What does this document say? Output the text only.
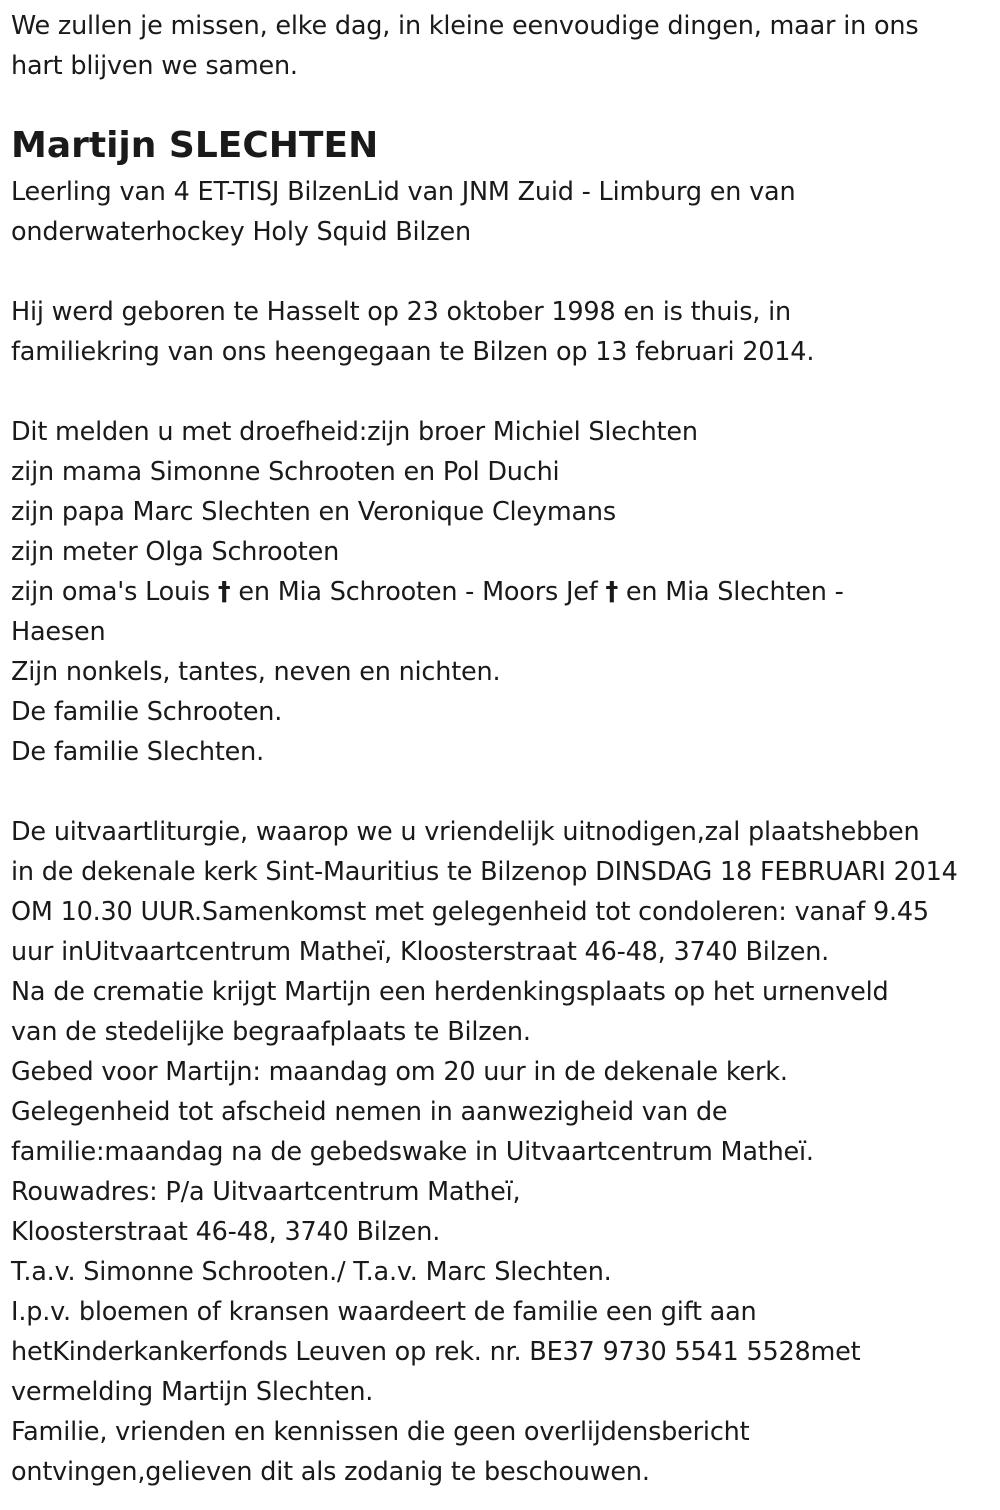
We zullen je missen, elke dag, in kleine eenvoudige dingen, maar in ons
hart blijven we samen.
Martijn SLECHTEN
Leerling van 4 ET-TISJ BilzenLid van JNM Zuid - Limburg en van
onderwaterhockey Holy Squid Bilzen
Hij werd geboren te Hasselt op 23 oktober 1998 en is thuis, in
familiekring van ons heengegaan te Bilzen op 13 februari 2014.
Dit melden u met droefheid:zijn broer Michiel Slechten
zijn mama Simonne Schrooten en Pol Duchi
zijn papa Marc Slechten en Veronique Cleymans
zijn meter Olga Schrooten
zijn oma's Louis † en Mia Schrooten - Moors Jef † en Mia Slechten -
Haesen
Zijn nonkels, tantes, neven en nichten.
De familie Schrooten.
De familie Slechten.
De uitvaartliturgie, waarop we u vriendelijk uitnodigen,zal plaatshebben
in de dekenale kerk Sint-Mauritius te Bilzenop DINSDAG 18 FEBRUARI 2014
OM 10.30 UUR.Samenkomst met gelegenheid tot condoleren: vanaf 9.45
uur inUitvaartcentrum Matheï, Kloosterstraat 46-48, 3740 Bilzen.
Na de crematie krijgt Martijn een herdenkingsplaats op het urnenveld
van de stedelijke begraafplaats te Bilzen.
Gebed voor Martijn: maandag om 20 uur in de dekenale kerk.
Gelegenheid tot afscheid nemen in aanwezigheid van de
familie:maandag na de gebedswake in Uitvaartcentrum Matheï.
Rouwadres: P/a Uitvaartcentrum Matheï,
Kloosterstraat 46-48, 3740 Bilzen.
T.a.v. Simonne Schrooten./ T.a.v. Marc Slechten.
I.p.v. bloemen of kransen waardeert de familie een gift aan
hetKinderkankerfonds Leuven op rek. nr. BE37 9730 5541 5528met
vermelding Martijn Slechten.
Familie, vrienden en kennissen die geen overlijdensbericht
ontvingen,gelieven dit als zodanig te beschouwen.
